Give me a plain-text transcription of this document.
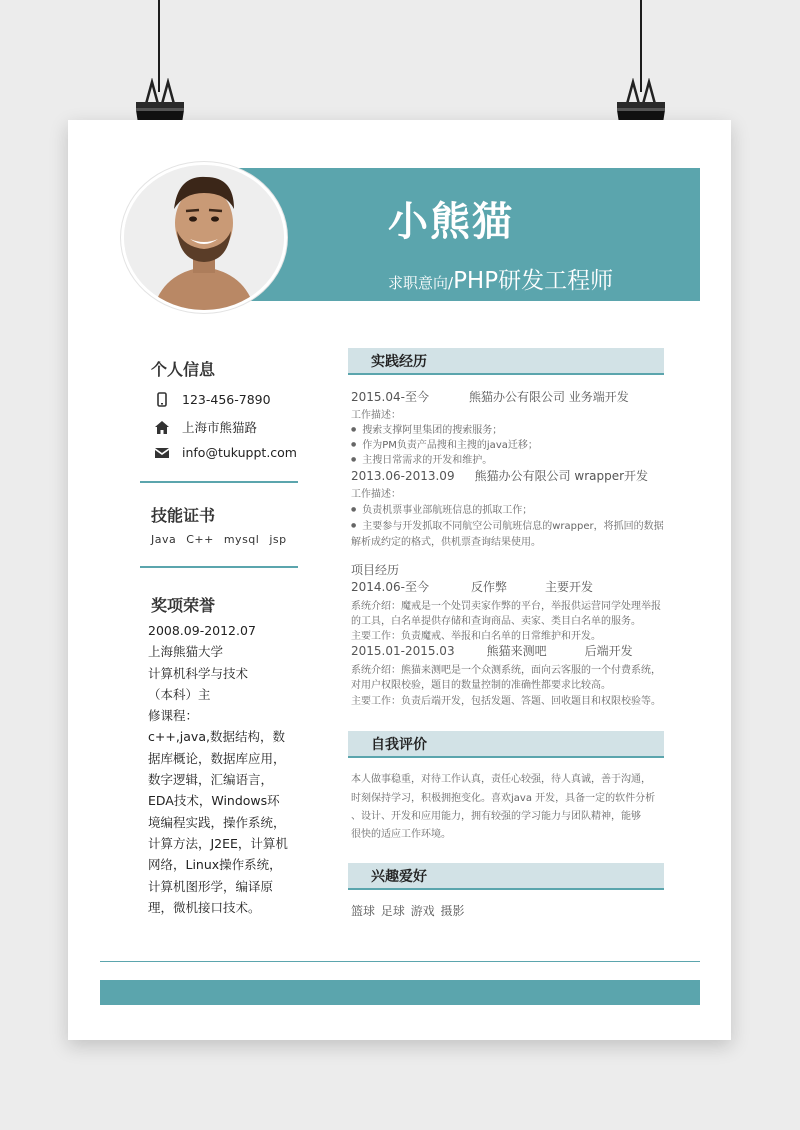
小熊猫
求职意向/PHP研发工程师
个人信息
123-456-7890
上海市熊猫路
info@tukuppt.com
技能证书
Java C++ mysql jsp
奖项荣誉
2008.09-2012.07
上海熊猫大学
计算机科学与技术
（本科）主
修课程：
c++,java,数据结构，数
据库概论，数据库应用，
数字逻辑，汇编语言，
EDA技术，Windows环
境编程实践，操作系统，
计算方法，J2EE，计算机
网络，Linux操作系统，
计算机图形学，编译原
理，微机接口技术。
实践经历
2015.04-至今	熊猫办公有限公司 业务端开发
工作描述：
● 搜索支撑阿里集团的搜索服务；
● 作为PM负责产品搜和主搜的java迁移；
● 主搜日常需求的开发和维护。
2013.06-2013.09 熊猫办公有限公司 wrapper开发
工作描述：
● 负责机票事业部航班信息的抓取工作；
● 主要参与开发抓取不同航空公司航班信息的wrapper，将抓回的数据
解析成约定的格式，供机票查询结果使用。
项目经历
2014.06-至今	反作弊	主要开发
系统介绍：魔戒是一个处罚卖家作弊的平台，举报供运营同学处理举报
的工具，白名单提供存储和查询商品、卖家、类目白名单的服务。
主要工作：负责魔戒、举报和白名单的日常维护和开发。
2015.01-2015.03	熊猫来测吧	后端开发
系统介绍：熊猫来测吧是一个众测系统，面向云客服的一个付费系统，
对用户权限校验，题目的数量控制的准确性都要求比较高。
主要工作：负责后端开发，包括发题、答题、回收题目和权限校验等。
自我评价
本人做事稳重，对待工作认真，责任心较强，待人真诚，善于沟通，
时刻保持学习，积极拥抱变化。喜欢java 开发，具备一定的软件分析
、设计、开发和应用能力，拥有较强的学习能力与团队精神，能够
很快的适应工作环境。
兴趣爱好
篮球 足球 游戏 摄影
